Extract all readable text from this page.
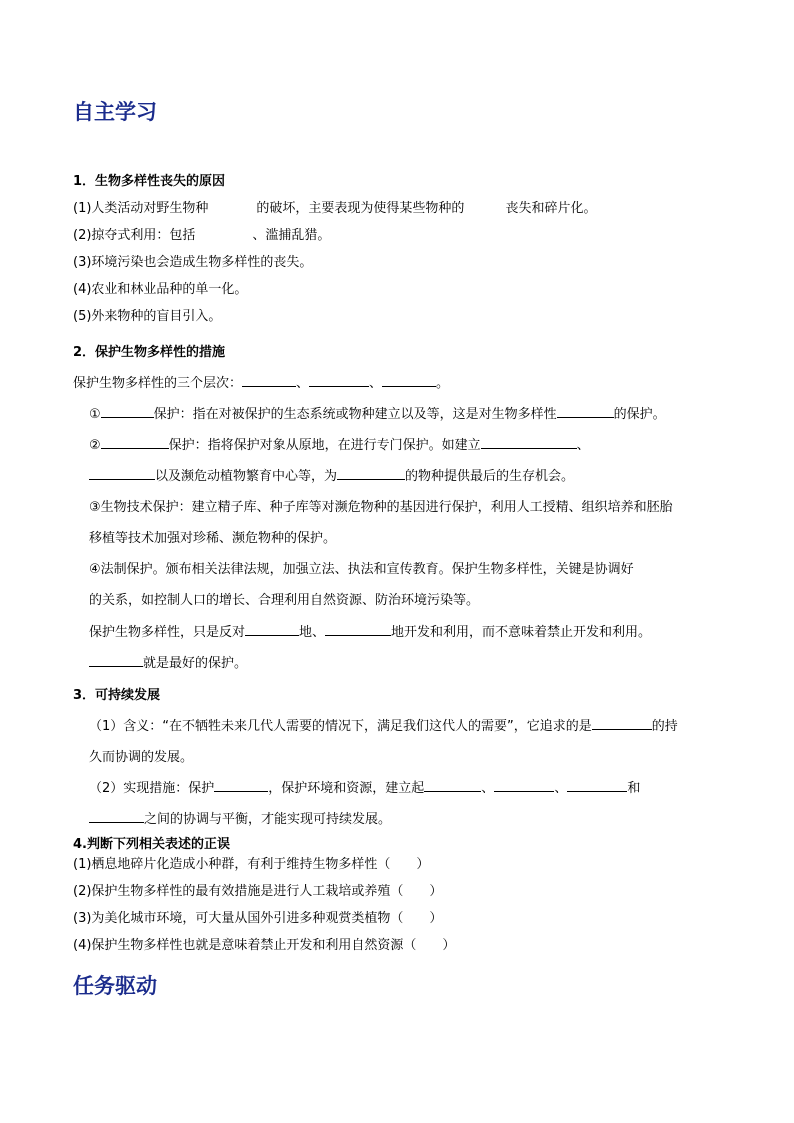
自主学习
1．生物多样性丧失的原因
(1)人类活动对野生物种	的破坏，主要表现为使得某些物种的	丧失和碎片化。
(2)掠夺式利用：包括	、滥捕乱猎。
(3)环境污染也会造成生物多样性的丧失。
(4)农业和林业品种的单一化。
(5)外来物种的盲目引入。
2．保护生物多样性的措施
保护生物多样性的三个层次：	、	、	。
①	保护：指在对被保护的生态系统或物种建立以及等，这是对生物多样性	的保护。
②	保护：指将保护对象从原地，在进行专门保护。如建立	、
以及濒危动植物繁育中心等，为	的物种提供最后的生存机会。
③生物技术保护：建立精子库、种子库等对濒危物种的基因进行保护，利用人工授精、组织培养和胚胎
移植等技术加强对珍稀、濒危物种的保护。
④法制保护。颁布相关法律法规，加强立法、执法和宣传教育。保护生物多样性，关键是协调好
的关系，如控制人口的增长、合理利用自然资源、防治环境污染等。
保护生物多样性，只是反对	地、	地开发和利用，而不意味着禁止开发和利用。
就是最好的保护。
3．可持续发展
（1）含义：“在不牺牲未来几代人需要的情况下，满足我们这代人的需要”，它追求的是	的持
久而协调的发展。
（2）实现措施：保护	，保护环境和资源，建立起	、	、	和
之间的协调与平衡，才能实现可持续发展。
4.判断下列相关表述的正误
(1)栖息地碎片化造成小种群，有利于维持生物多样性（　　）
(2)保护生物多样性的最有效措施是进行人工栽培或养殖（　　）
(3)为美化城市环境，可大量从国外引进多种观赏类植物（　　）
(4)保护生物多样性也就是意味着禁止开发和利用自然资源（　　）
任务驱动
